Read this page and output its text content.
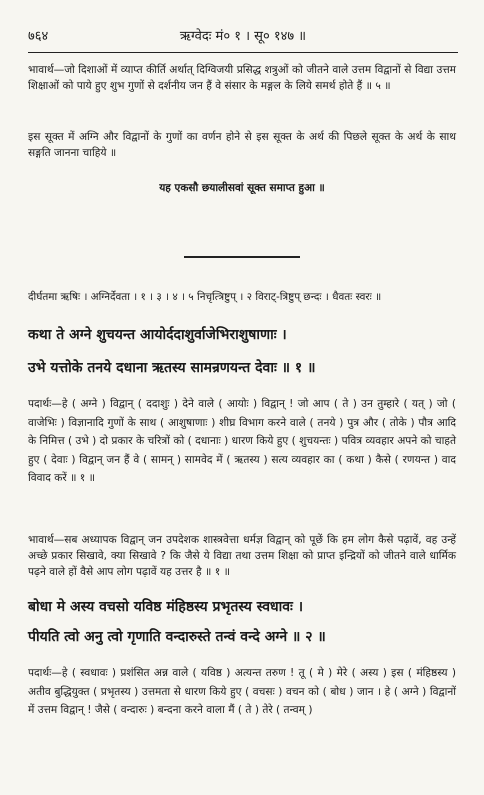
७६४	ऋग्वेदः मं० १ । सू० १४७ ॥
भावार्थ—जो दिशाओं में व्याप्त कीर्ति अर्थात् दिग्विजयी प्रसिद्ध शत्रुओं को जीतने वाले उत्तम विद्वानों से विद्या उत्तम शिक्षाओं को पाये हुए शुभ गुणों से दर्शनीय जन हैं वे संसार के मङ्गल के लिये समर्थ होते हैं ॥ ५ ॥
इस सूक्त में अग्नि और विद्वानों के गुणों का वर्णन होने से इस सूक्त के अर्थ की पिछले सूक्त के अर्थ के साथ सङ्गति जानना चाहिये ॥
यह एकसौ छयालीसवां सूक्त समाप्त हुआ ॥
दीर्घतमा ऋषिः । अग्निर्देवता । १ । ३ । ४ । ५ निचृत्त्रिष्टुप् । २ विराट्-त्रिष्टुप् छन्दः । धैवतः स्वरः ॥
कथा ते अग्ने शुचयन्त आयोर्ददाशुर्वाजेभिराशुषाणाः ।
उभे यत्तोके तनये दधाना ऋतस्य सामन्रणयन्त देवाः ॥ १ ॥
पदार्थः—हे ( अग्ने ) विद्वान् ( ददाशुः ) देने वाले ( आयोः ) विद्वान् ! जो आप ( ते ) उन तुम्हारे ( यत् ) जो ( वाजेभिः ) विज्ञानादि गुणों के साथ ( आशुषाणाः ) शीघ्र विभाग करने वाले ( तनये ) पुत्र और ( तोके ) पौत्र आदि के निमित्त ( उभे ) दो प्रकार के चरित्रों को ( दधानाः ) धारण किये हुए ( शुचयन्तः ) पवित्र व्यवहार अपने को चाहते हुए ( देवाः ) विद्वान् जन हैं वे ( सामन् ) सामवेद में ( ऋतस्य ) सत्य व्यवहार का ( कथा ) कैसे ( रणयन्त ) वाद विवाद करें ॥ १ ॥
भावार्थ—सब अध्यापक विद्वान् जन उपदेशक शास्त्रवेत्ता धर्मज्ञ विद्वान् को पूछें कि हम लोग कैसे पढ़ावें, वह उन्हें अच्छे प्रकार सिखावे, क्या सिखावे ? कि जैसे ये विद्या तथा उत्तम शिक्षा को प्राप्त इन्द्रियों को जीतने वाले धार्मिक पढ़ने वाले हों वैसे आप लोग पढ़ावें यह उत्तर है ॥ १ ॥
बोधा मे अस्य वचसो यविष्ठ मंहिष्ठस्य प्रभृतस्य स्वधावः ।
पीयति त्वो अनु त्वो गृणाति वन्दारुस्ते तन्वं वन्दे अग्ने ॥ २ ॥
पदार्थः—हे ( स्वधावः ) प्रशंसित अन्न वाले ( यविष्ठ ) अत्यन्त तरुण ! तू ( मे ) मेरे ( अस्य ) इस ( मंहिष्ठस्य ) अतीव बुद्धियुक्त ( प्रभृतस्य ) उत्तमता से धारण किये हुए ( वचसः ) वचन को ( बोध ) जान । हे ( अग्ने ) विद्वानों में उत्तम विद्वान् ! जैसे ( वन्दारुः ) बन्दना करने वाला मैं ( ते ) तेरे ( तन्वम् )
